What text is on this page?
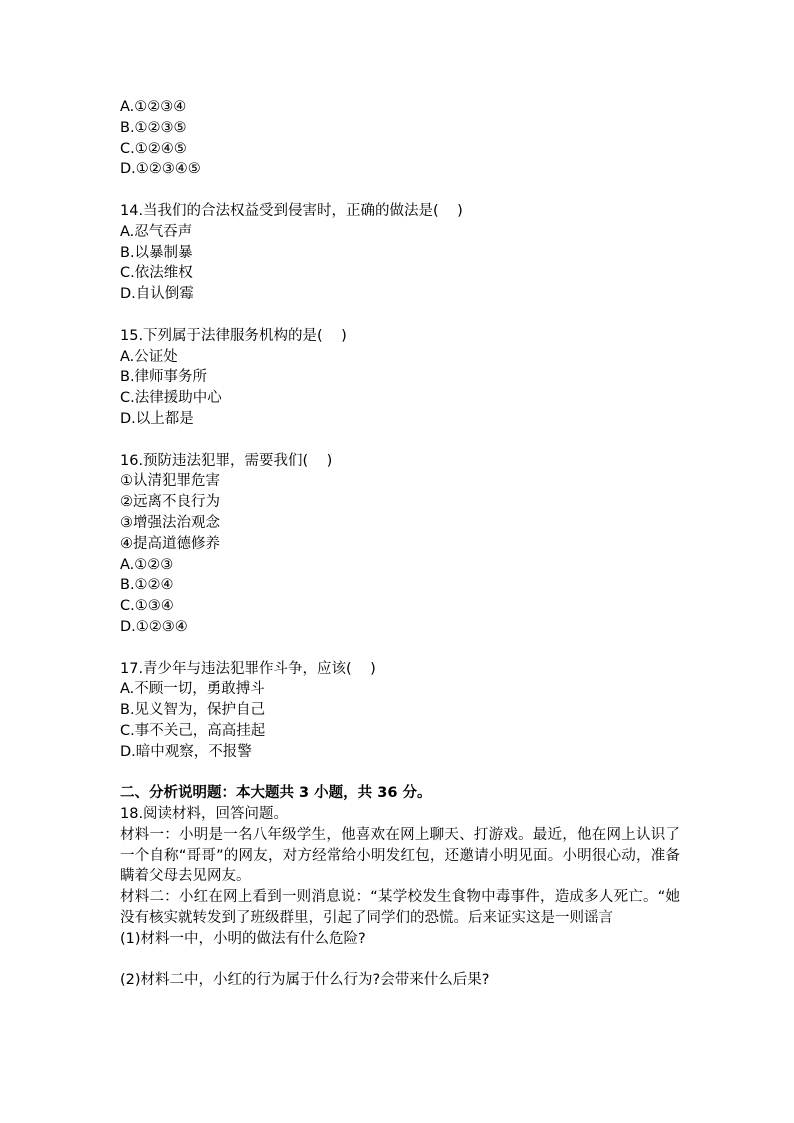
A.①②③④
B.①②③⑤
C.①②④⑤
D.①②③④⑤
14.当我们的合法权益受到侵害时，正确的做法是(    )
A.忍气吞声
B.以暴制暴
C.依法维权
D.自认倒霉
15.下列属于法律服务机构的是(    )
A.公证处
B.律师事务所
C.法律援助中心
D.以上都是
16.预防违法犯罪，需要我们(    )
①认清犯罪危害
②远离不良行为
③增强法治观念
④提高道德修养
A.①②③
B.①②④
C.①③④
D.①②③④
17.青少年与违法犯罪作斗争，应该(    )
A.不顾一切，勇敢搏斗
B.见义智为，保护自己
C.事不关己，高高挂起
D.暗中观察，不报警
二、分析说明题：本大题共 3 小题，共 36 分。
18.阅读材料，回答问题。
材料一：小明是一名八年级学生，他喜欢在网上聊天、打游戏。最近，他在网上认识了一个自称“哥哥”的网友，对方经常给小明发红包，还邀请小明见面。小明很心动，准备瞒着父母去见网友。
材料二：小红在网上看到一则消息说：“某学校发生食物中毒事件，造成多人死亡。“她没有核实就转发到了班级群里，引起了同学们的恐慌。后来证实这是一则谣言
(1)材料一中，小明的做法有什么危险?
(2)材料二中，小红的行为属于什么行为?会带来什么后果?
